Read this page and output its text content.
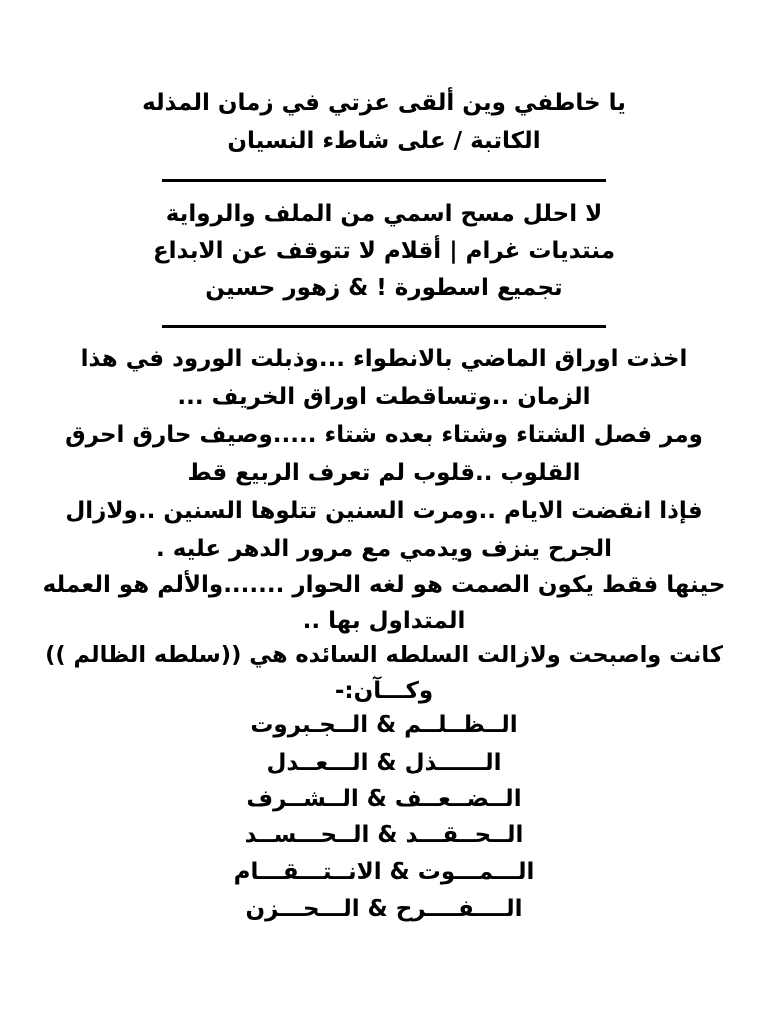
يا خاطفي وين ألقى عزتي في زمان المذله
الكاتبة / على شاطء النسيان
لا احلل مسح اسمي من الملف والرواية
منتديات غرام | أقلام لا تتوقف عن الابداع
تجميع اسطورة ! & زهور حسين
اخذت اوراق الماضي بالانطواء ...وذبلت الورود في هذا
الزمان ..وتساقطت اوراق الخريف ...
ومر فصل الشتاء وشتاء بعده شتاء .....وصيف حارق احرق
القلوب ..قلوب لم تعرف الربيع قط
فإذا انقضت الايام ..ومرت السنين تتلوها السنين ..ولازال
الجرح ينزف ويدمي مع مرور الدهر عليه .
حينها فقط يكون الصمت هو لغه الحوار .......والألم هو العمله
المتداول بها ..
كانت واصبحت ولازالت السلطه السائده هي ((سلطه الظالم ))
وكـــآن:-
الــظــلــم & الــجـبروت
الــــــذل & الـــعــدل
الــضــعــف & الــشــرف
الــحــقـــد & الــحـــســد
الـــمـــوت & الانــتـــقـــام
الــــفــــرح & الـــحـــزن
